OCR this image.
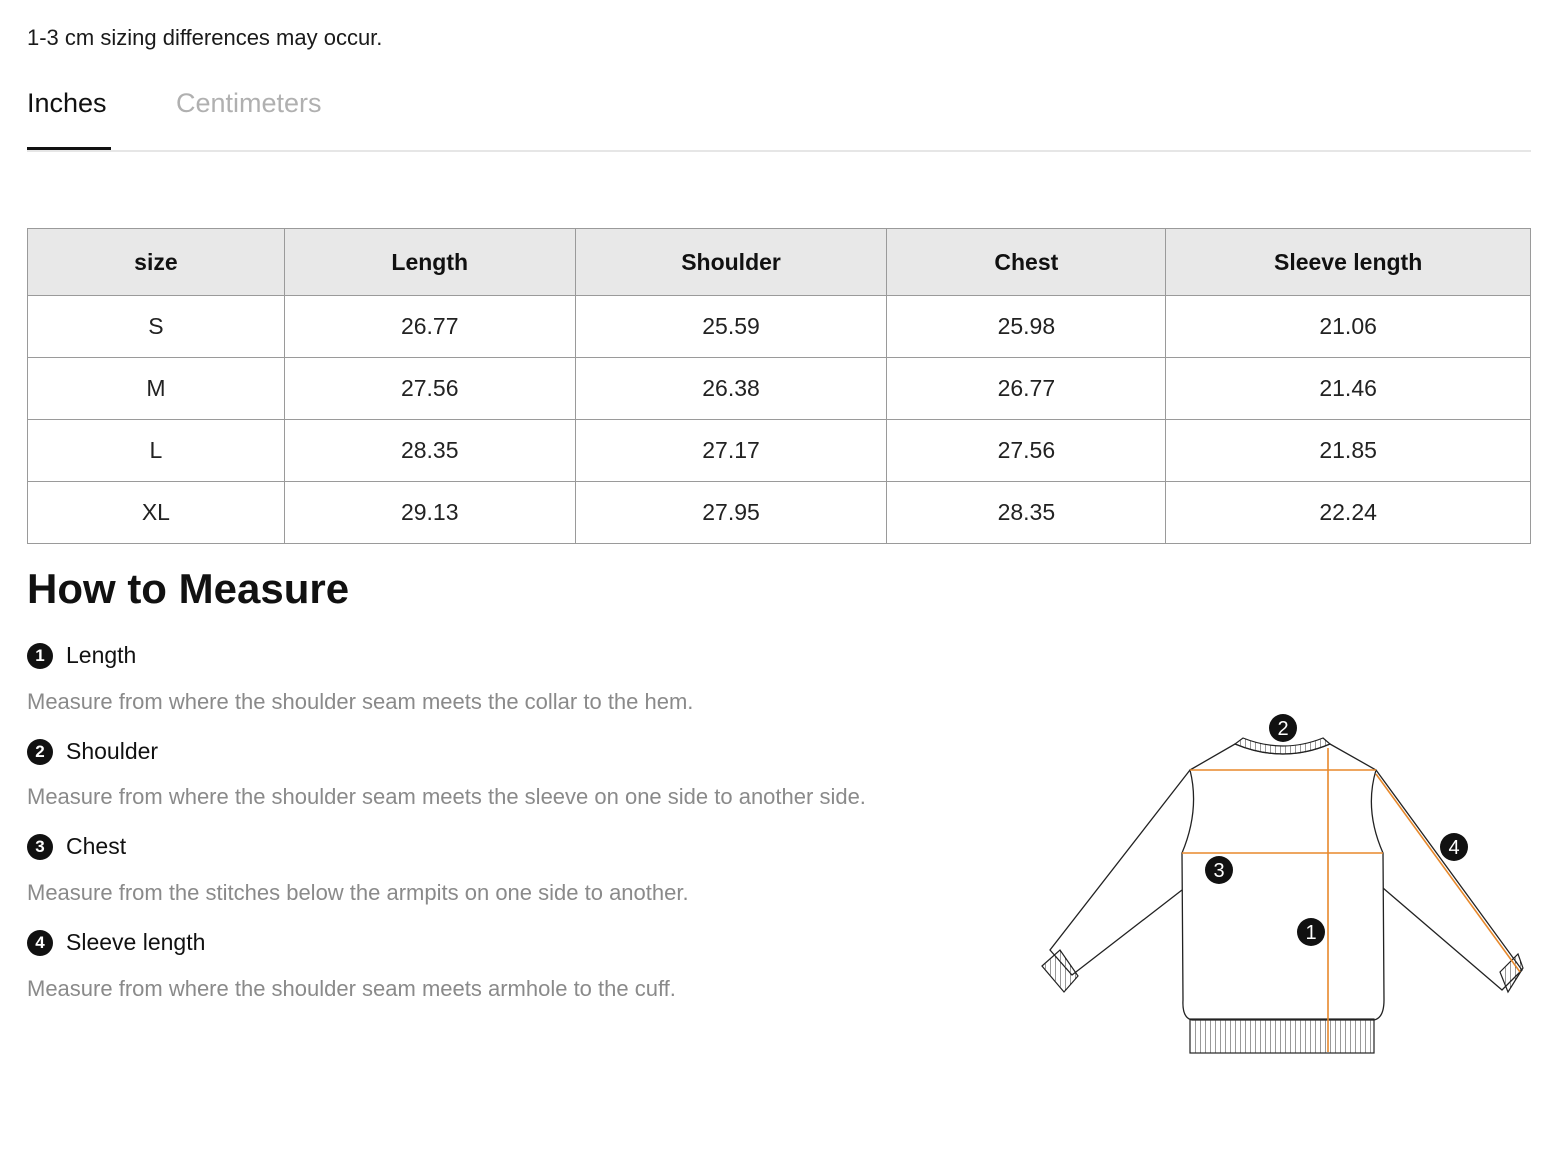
1-3 cm sizing differences may occur.
Inches	Centimeters
size	Length	Shoulder	Chest	Sleeve length
S	26.77	25.59	25.98	21.06
M	27.56	26.38	26.77	21.46
L	28.35	27.17	27.56	21.85
XL	29.13	27.95	28.35	22.24
How to Measure
1 Length
Measure from where the shoulder seam meets the collar to the hem.
2 Shoulder
Measure from where the shoulder seam meets the sleeve on one side to another side.
3 Chest
Measure from the stitches below the armpits on one side to another.
4 Sleeve length
Measure from where the shoulder seam meets armhole to the cuff.
2
3
1
4
